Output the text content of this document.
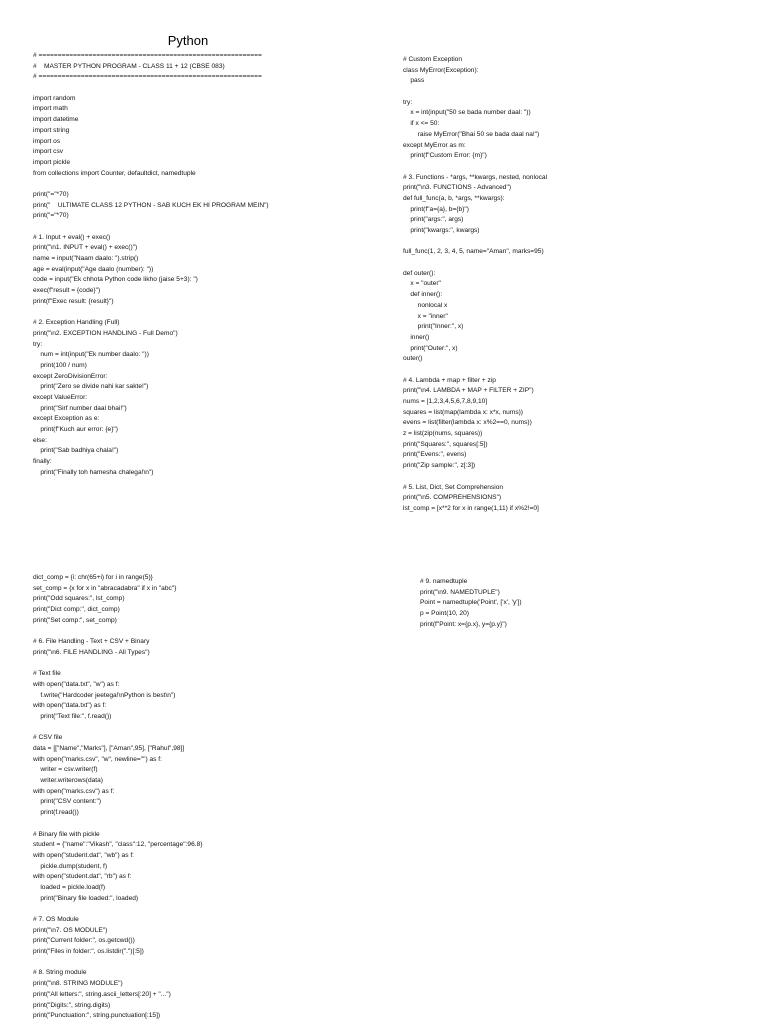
Python
# ==========================================================
#    MASTER PYTHON PROGRAM - CLASS 11 + 12 (CBSE 083)
# ==========================================================
import random
import math
import datetime
import string
import os
import csv
import pickle
from collections import Counter, defaultdict, namedtuple
print("="*70)
print("    ULTIMATE CLASS 12 PYTHON - SAB KUCH EK HI PROGRAM MEIN")
print("="*70)
# 1. Input + eval() + exec()
print("\n1. INPUT + eval() + exec()")
name = input("Naam daalo: ").strip()
age = eval(input("Age daalo (number): "))
code = input("Ek chhota Python code likho (jaise 5+3): ")
exec(f"result = {code}")
print(f"Exec result: {result}")
# 2. Exception Handling (Full)
print("\n2. EXCEPTION HANDLING - Full Demo")
try:
num = int(input("Ek number daalo: "))
print(100 / num)
except ZeroDivisionError:
print("Zero se divide nahi kar sakte!")
except ValueError:
print("Sirf number daal bhai!")
except Exception as e:
print(f"Kuch aur error: {e}")
else:
print("Sab badhiya chala!")
finally:
print("Finally toh hamesha chalega!\n")
dict_comp = {i: chr(65+i) for i in range(5)}
set_comp = {x for x in "abracadabra" if x in "abc"}
print("Odd squares:", lst_comp)
print("Dict comp:", dict_comp)
print("Set comp:", set_comp)
# 6. File Handling - Text + CSV + Binary
print("\n6. FILE HANDLING - All Types")
# Text file
with open("data.txt", "w") as f:
f.write("Hardcoder jeetega!\nPython is best\n")
with open("data.txt") as f:
print("Text file:", f.read())
# CSV file
data = [["Name","Marks"], ["Aman",95], ["Rahul",98]]
with open("marks.csv", "w", newline="") as f:
writer = csv.writer(f)
writer.writerows(data)
with open("marks.csv") as f:
print("CSV content:")
print(f.read())
# Binary file with pickle
student = {"name":"Vikash", "class":12, "percentage":96.8}
with open("student.dat", "wb") as f:
pickle.dump(student, f)
with open("student.dat", "rb") as f:
loaded = pickle.load(f)
print("Binary file loaded:", loaded)
# 7. OS Module
print("\n7. OS MODULE")
print("Current folder:", os.getcwd())
print("Files in folder:", os.listdir(".")[:5])
# 8. String module
print("\n8. STRING MODULE")
print("All letters:", string.ascii_letters[:20] + "...")
print("Digits:", string.digits)
print("Punctuation:", string.punctuation[:15])
# Custom Exception
class MyError(Exception):
pass
try:
x = int(input("50 se bada number daal: "))
if x <= 50:
raise MyError("Bhai 50 se bada daal na!")
except MyError as m:
print(f"Custom Error: {m}")
# 3. Functions - *args, **kwargs, nested, nonlocal
print("\n3. FUNCTIONS - Advanced")
def full_func(a, b, *args, **kwargs):
print(f"a={a}, b={b}")
print("args:", args)
print("kwargs:", kwargs)
full_func(1, 2, 3, 4, 5, name="Aman", marks=95)
def outer():
x = "outer"
def inner():
nonlocal x
x = "inner"
print("Inner:", x)
inner()
print("Outer:", x)
outer()
# 4. Lambda + map + filter + zip
print("\n4. LAMBDA + MAP + FILTER + ZIP")
nums = [1,2,3,4,5,6,7,8,9,10]
squares = list(map(lambda x: x*x, nums))
evens = list(filter(lambda x: x%2==0, nums))
z = list(zip(nums, squares))
print("Squares:", squares[:5])
print("Evens:", evens)
print("Zip sample:", z[:3])
# 5. List, Dict, Set Comprehension
print("\n5. COMPREHENSIONS")
lst_comp = [x**2 for x in range(1,11) if x%2!=0]
# 9. namedtuple
print("\n9. NAMEDTUPLE")
Point = namedtuple('Point', ['x', 'y'])
p = Point(10, 20)
print(f"Point: x={p.x}, y={p.y}")
